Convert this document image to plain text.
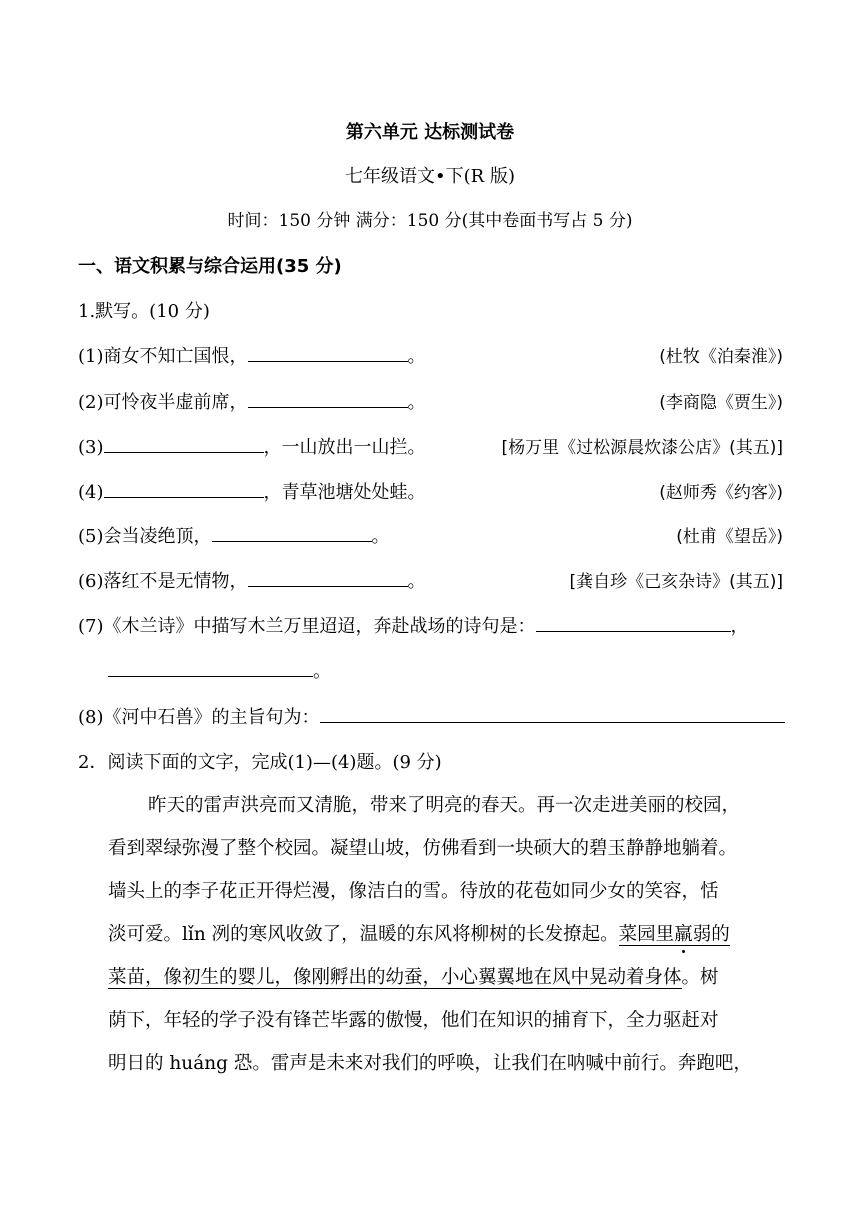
第六单元 达标测试卷
七年级语文•下(R 版)
时间：150 分钟 满分：150 分(其中卷面书写占 5 分)
一、语文积累与综合运用(35 分)
1.默写。(10 分)
(1)商女不知亡国恨，	。	(杜牧《泊秦淮》)
(2)可怜夜半虚前席，	。	(李商隐《贾生》)
(3)	，一山放出一山拦。	[杨万里《过松源晨炊漆公店》(其五)]
(4)	，青草池塘处处蛙。	(赵师秀《约客》)
(5)会当凌绝顶，	。	(杜甫《望岳》)
(6)落红不是无情物，	。	[龚自珍《己亥杂诗》(其五)]
(7)《木兰诗》中描写木兰万里迢迢，奔赴战场的诗句是：	，
。
(8)《河中石兽》的主旨句为：
2．阅读下面的文字，完成(1)—(4)题。(9 分)
昨天的雷声洪亮而又清脆，带来了明亮的春天。再一次走进美丽的校园，
看到翠绿弥漫了整个校园。凝望山坡，仿佛看到一块硕大的碧玉静静地躺着。
墙头上的李子花正开得烂漫，像洁白的雪。待放的花苞如同少女的笑容，恬
淡可爱。lǐn 冽的寒风收敛了，温暖的东风将柳树的长发撩起。菜园里羸弱的
菜苗，像初生的婴儿，像刚孵出的幼蚕，小心翼翼地在风中晃动着身体。树
荫下，年轻的学子没有锋芒毕露的傲慢，他们在知识的捕育下，全力驱赶对
明日的 huáng 恐。雷声是未来对我们的呼唤，让我们在呐喊中前行。奔跑吧，
